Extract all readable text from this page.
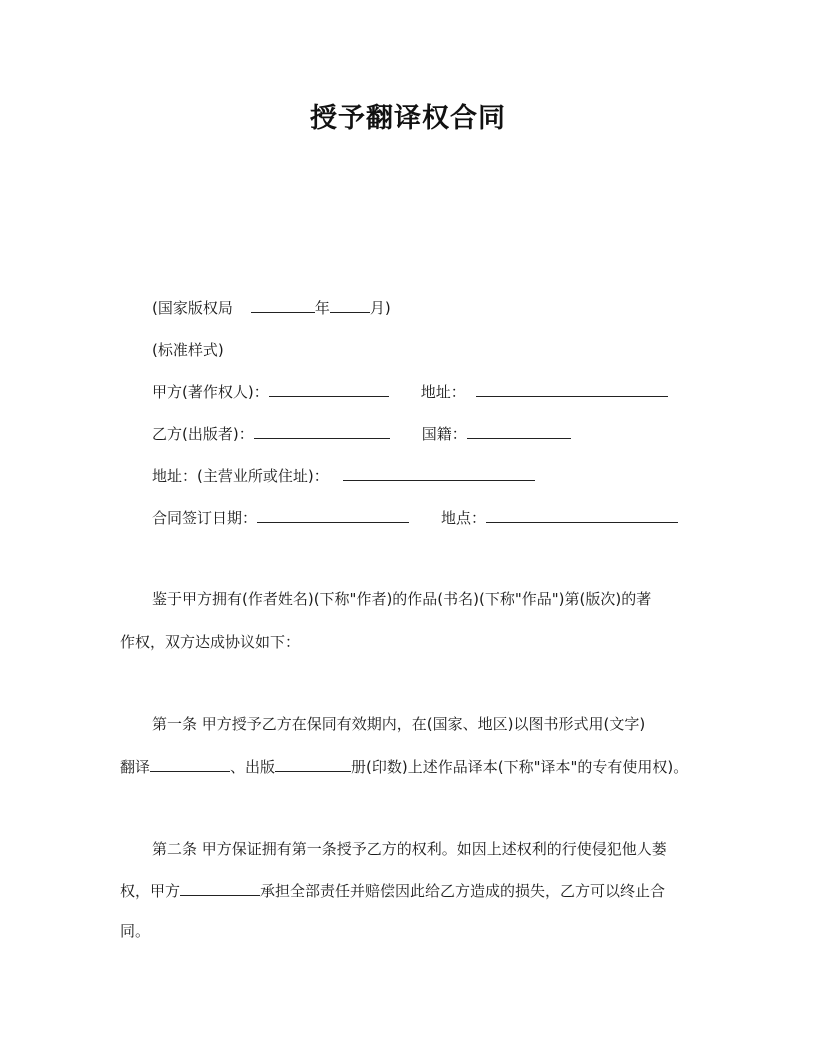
授予翻译权合同
(国家版权局	年	月)
(标准样式)
甲方(著作权人)：	地址：
乙方(出版者)：	国籍：
地址：(主营业所或住址)：
合同签订日期：	地点：
鉴于甲方拥有(作者姓名)(下称"作者)的作品(书名)(下称"作品")第(版次)的著
作权，双方达成协议如下：
第一条 甲方授予乙方在保同有效期内，在(国家、地区)以图书形式用(文字)
翻译	、出版	册(印数)上述作品译本(下称"译本"的专有使用权)。
第二条 甲方保证拥有第一条授予乙方的权利。如因上述权利的行使侵犯他人蒌
权，甲方	承担全部责任并赔偿因此给乙方造成的损失，乙方可以终止合
同。
